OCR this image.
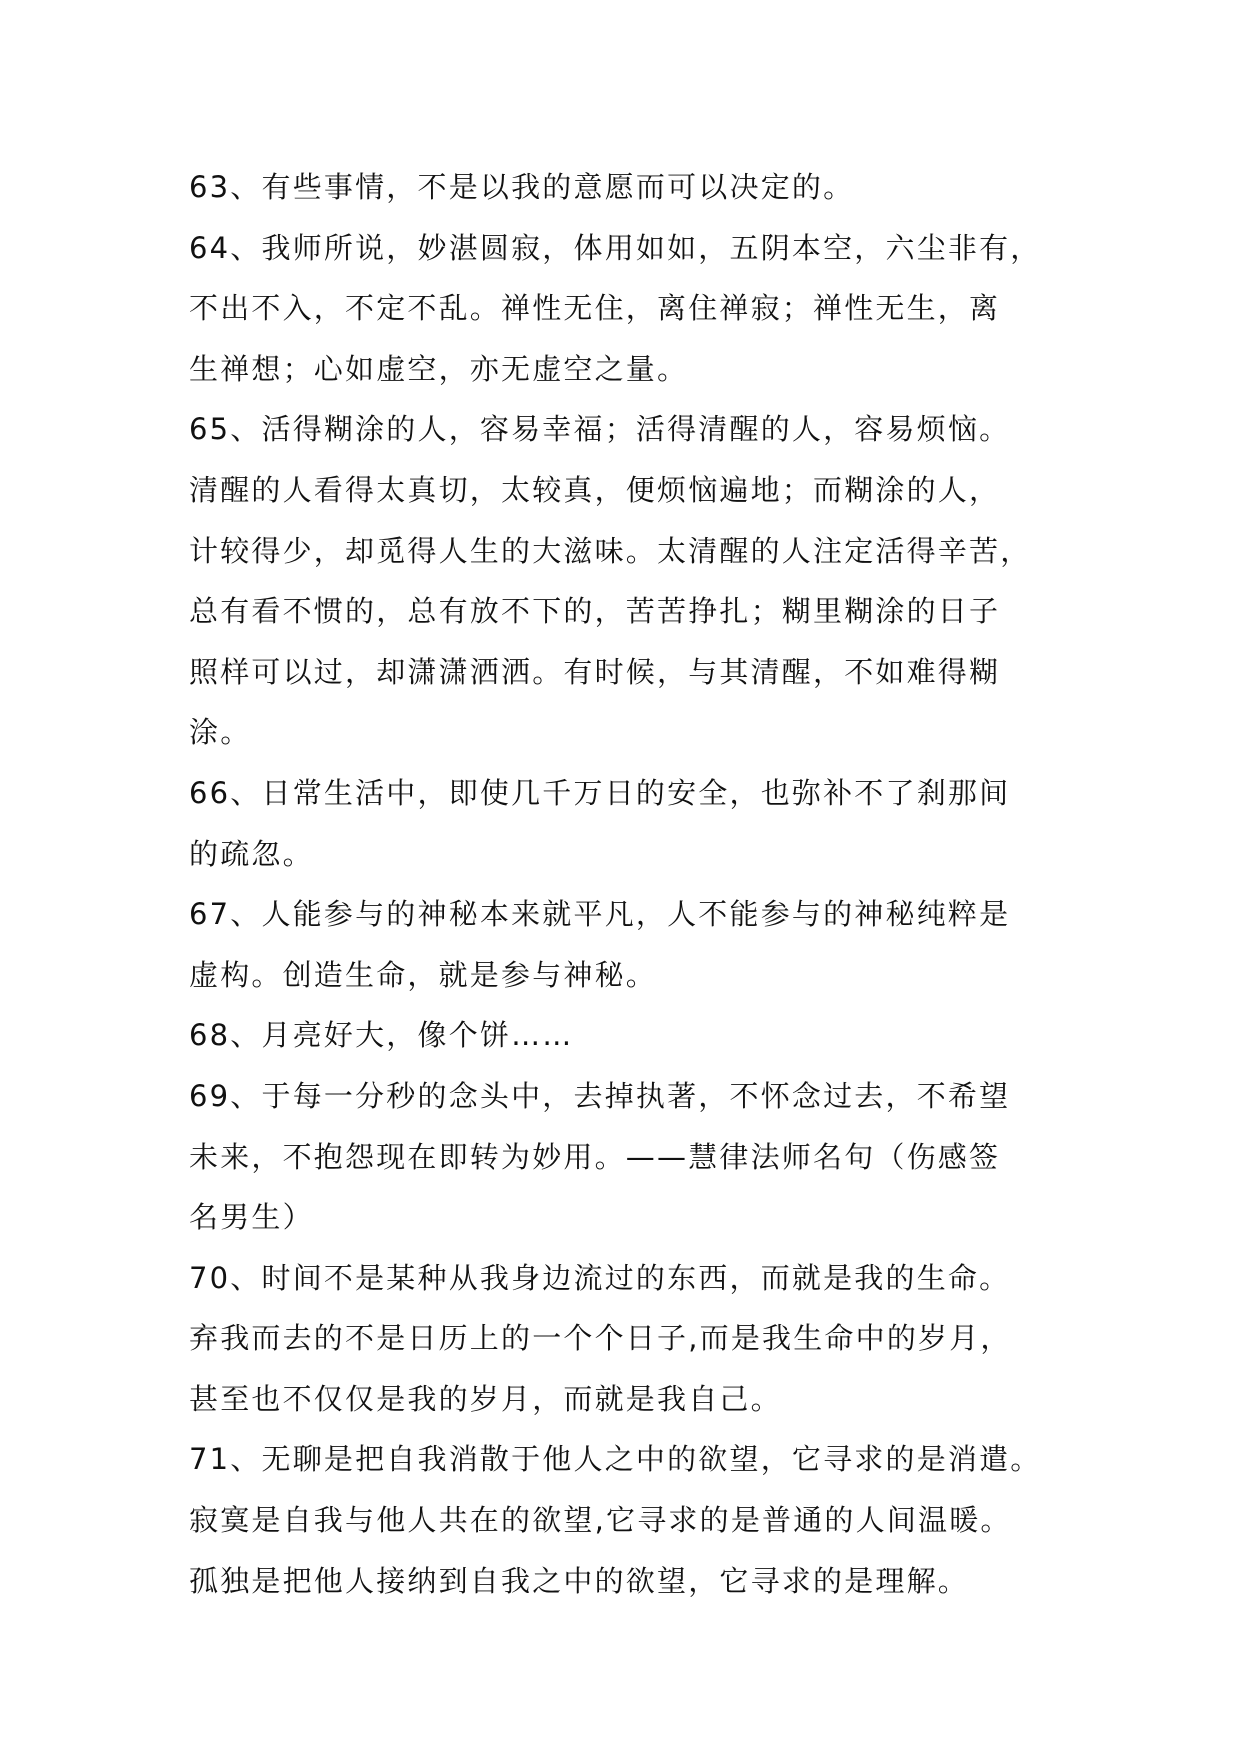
63、有些事情，不是以我的意愿而可以决定的。
64、我师所说，妙湛圆寂，体用如如，五阴本空，六尘非有，
不出不入，不定不乱。禅性无住，离住禅寂；禅性无生，离
生禅想；心如虚空，亦无虚空之量。
65、活得糊涂的人，容易幸福；活得清醒的人，容易烦恼。
清醒的人看得太真切，太较真，便烦恼遍地；而糊涂的人，
计较得少，却觅得人生的大滋味。太清醒的人注定活得辛苦，
总有看不惯的，总有放不下的，苦苦挣扎；糊里糊涂的日子
照样可以过，却潇潇洒洒。有时候，与其清醒，不如难得糊
涂。
66、日常生活中，即使几千万日的安全，也弥补不了刹那间
的疏忽。
67、人能参与的神秘本来就平凡，人不能参与的神秘纯粹是
虚构。创造生命，就是参与神秘。
68、月亮好大，像个饼……
69、于每一分秒的念头中，去掉执著，不怀念过去，不希望
未来，不抱怨现在即转为妙用。——慧律法师名句（伤感签
名男生）
70、时间不是某种从我身边流过的东西，而就是我的生命。
弃我而去的不是日历上的一个个日子,而是我生命中的岁月，
甚至也不仅仅是我的岁月，而就是我自己。
71、无聊是把自我消散于他人之中的欲望，它寻求的是消遣。
寂寞是自我与他人共在的欲望,它寻求的是普通的人间温暖。
孤独是把他人接纳到自我之中的欲望，它寻求的是理解。
